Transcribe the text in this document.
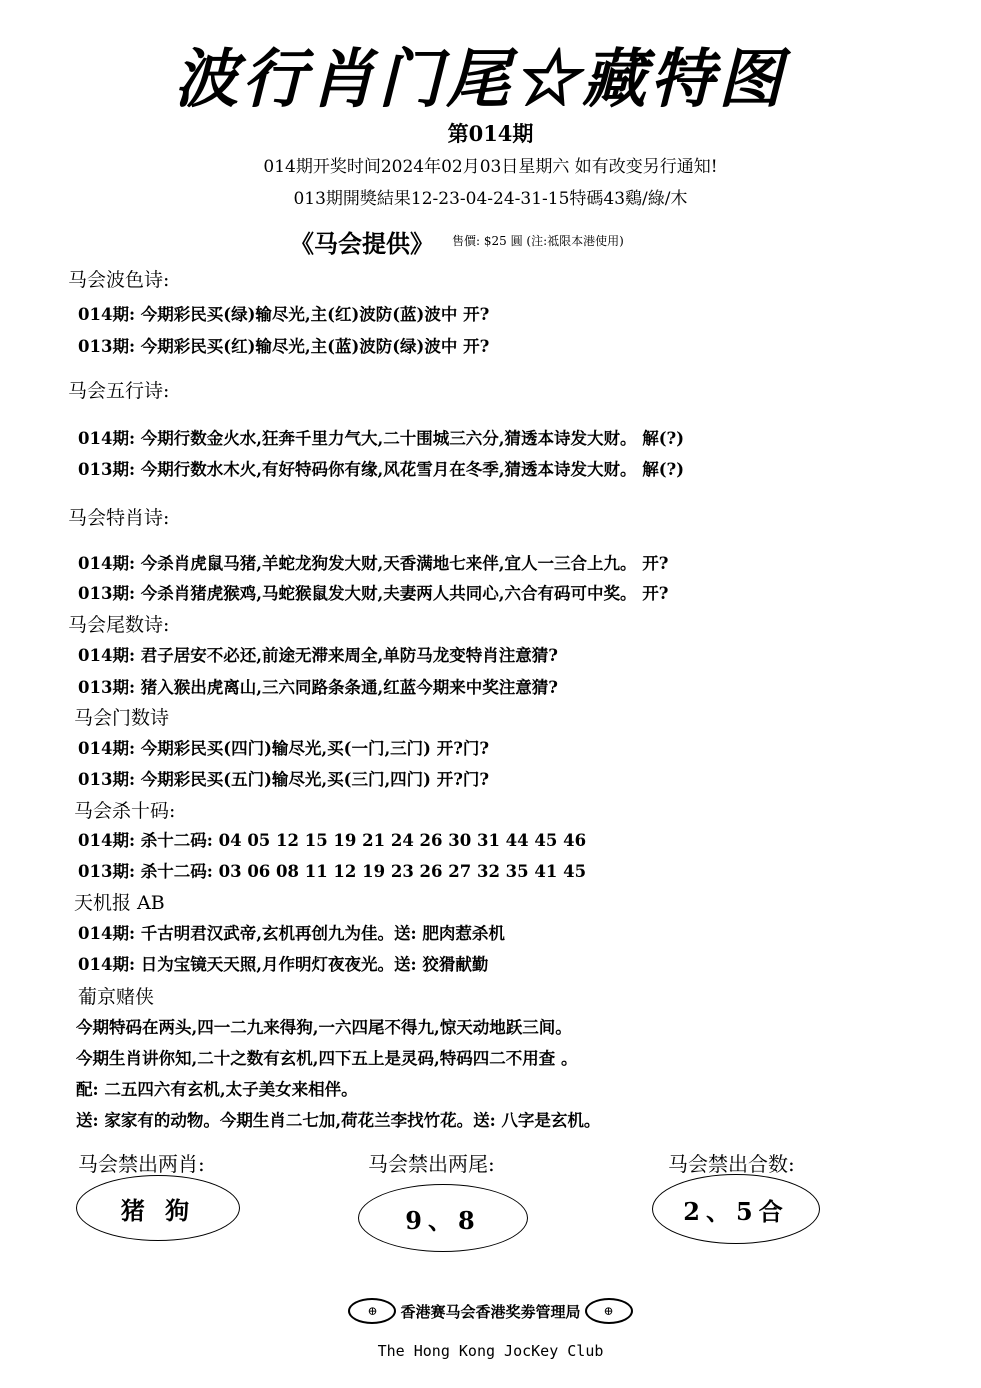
波行肖门尾☆藏特图
第014期
014期开奖时间2024年02月03日星期六 如有改变另行通知!
013期開獎結果12-23-04-24-31-15特碼43鷄/綠/木
《马会提供》 售價: $25 圓 (注:祗限本港使用)
马会波色诗:
014期: 今期彩民买(绿)输尽光,主(红)波防(蓝)波中 开?
013期: 今期彩民买(红)输尽光,主(蓝)波防(绿)波中 开?
马会五行诗:
014期: 今期行数金火水,狂奔千里力气大,二十围城三六分,猜透本诗发大财。 解(?)
013期: 今期行数水木火,有好特码你有缘,风花雪月在冬季,猜透本诗发大财。 解(?)
马会特肖诗:
014期: 今杀肖虎鼠马猪,羊蛇龙狗发大财,天香满地七来伴,宜人一三合上九。 开?
013期: 今杀肖猪虎猴鸡,马蛇猴鼠发大财,夫妻两人共同心,六合有码可中奖。 开?
马会尾数诗:
014期: 君子居安不必还,前途无滞来周全,单防马龙变特肖注意猜?
013期: 猪入猴出虎离山,三六同路条条通,红蓝今期来中奖注意猜?
马会门数诗
014期: 今期彩民买(四门)输尽光,买(一门,三门) 开?门?
013期: 今期彩民买(五门)输尽光,买(三门,四门) 开?门?
马会杀十码:
014期: 杀十二码: 04 05 12 15 19 21 24 26 30 31 44 45 46
013期: 杀十二码: 03 06 08 11 12 19 23 26 27 32 35 41 45
天机报 AB
014期: 千古明君汉武帝,玄机再创九为佳。送: 肥肉惹杀机
014期: 日为宝镜天天照,月作明灯夜夜光。送: 狡猾献勤
葡京赌侠
今期特码在两头,四一二九来得狗,一六四尾不得九,惊天动地跃三间。
今期生肖讲你知,二十之数有玄机,四下五上是灵码,特码四二不用查 。
配: 二五四六有玄机,太子美女来相伴。
送: 家家有的动物。今期生肖二七加,荷花兰李找竹花。送: 八字是玄机。
马会禁出两肖:
猪 狗
马会禁出两尾:
9、8
马会禁出合数:
2、5合
⊕	香港赛马会香港奖劵管理局	⊕
The Hong Kong JocKey Club
